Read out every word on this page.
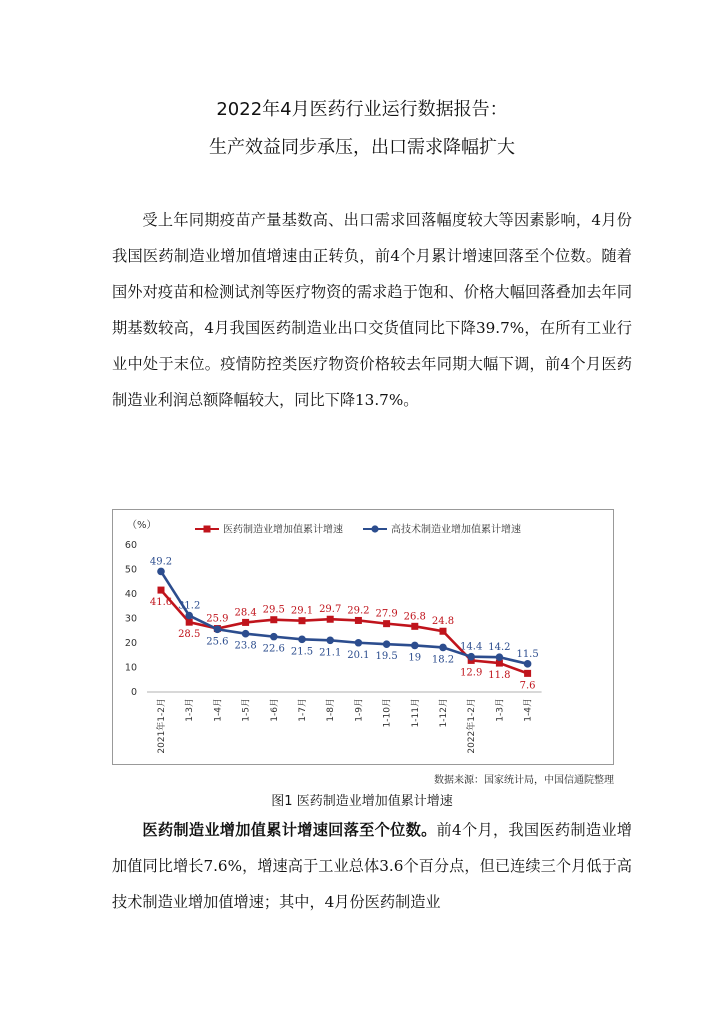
2022年4月医药行业运行数据报告：
生产效益同步承压，出口需求降幅扩大

受上年同期疫苗产量基数高、出口需求回落幅度较大等因素影响，4月份我国医药制造业增加值增速由正转负，前4个月累计增速回落至个位数。随着国外对疫苗和检测试剂等医疗物资的需求趋于饱和、价格大幅回落叠加去年同期基数较高，4月我国医药制造业出口交货值同比下降39.7%，在所有工业行业中处于末位。疫情防控类医疗物资价格较去年同期大幅下调，前4个月医药制造业利润总额降幅较大，同比下降13.7%。

（%）
0
10
20
30
40
50
60
2021年1-2月 1-3月 1-4月 1-5月 1-6月 1-7月 1-8月 1-9月 1-10月 1-11月 1-12月 2022年1-2月 1-3月 1-4月
医药制造业增加值累计增速	高技术制造业增加值累计增速
41.6
28.5
25.9
28.4 29.5 29.1 29.7 29.2 27.9 26.8 24.8
12.9 11.8
7.6
49.2
31.2
25.6 23.8 22.6 21.5 21.1 20.1 19.5 19 18.2
14.4 14.2
11.5
数据来源：国家统计局，中国信通院整理
图1 医药制造业增加值累计增速

医药制造业增加值累计增速回落至个位数。前4个月，我国医药制造业增加值同比增长7.6%，增速高于工业总体3.6个百分点，但已连续三个月低于高技术制造业增加值增速；其中，4月份医药制造业
